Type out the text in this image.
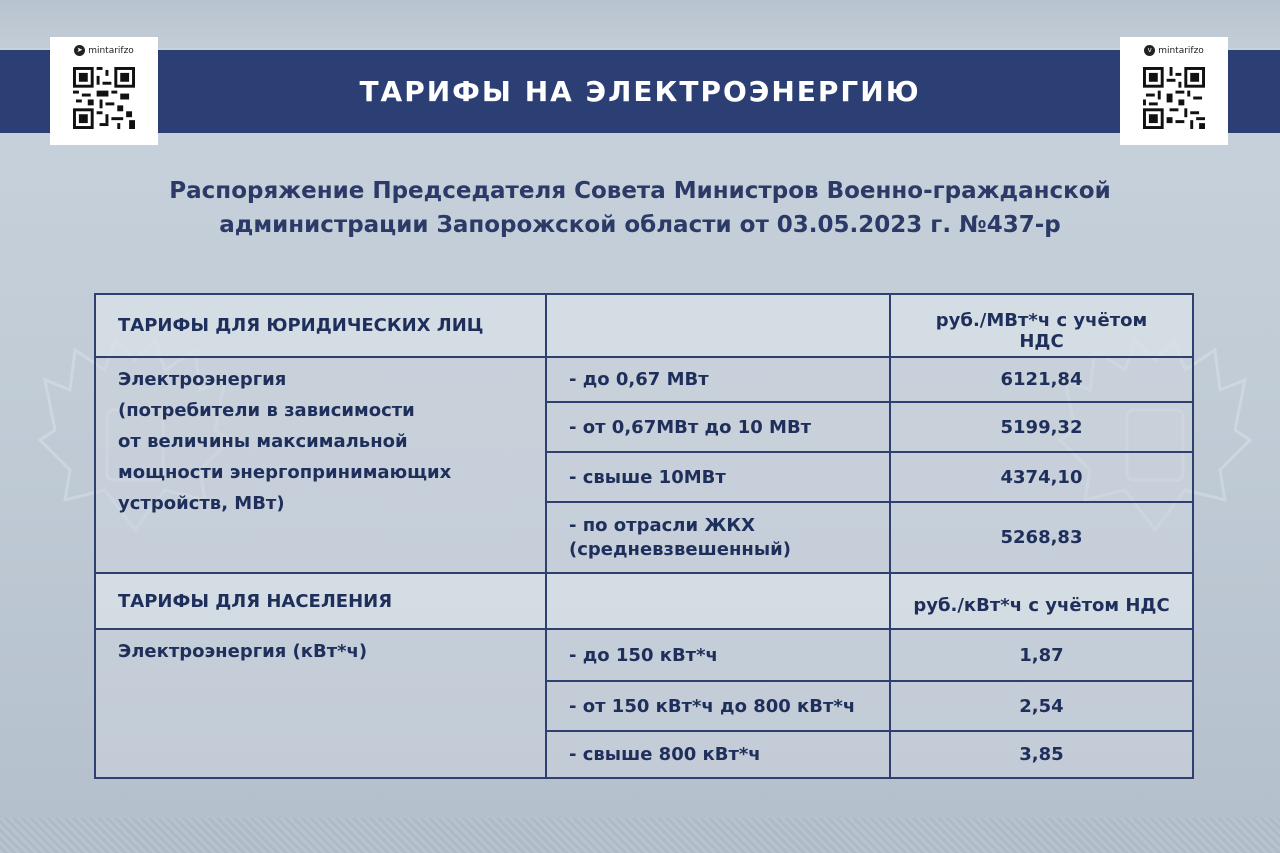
ТАРИФЫ НА ЭЛЕКТРОЭНЕРГИЮ
➤ mintarifzo	v mintarifzo
Распоряжение Председателя Совета Министров Военно-гражданской
администрации Запорожской области от 03.05.2023 г. №437-р
ТАРИФЫ ДЛЯ ЮРИДИЧЕСКИХ ЛИЦ		руб./МВт*ч с учётом НДС

Электроэнергия
(потребители в зависимости
от величины максимальной
мощности энергопринимающих
устройств, МВт)	- до 0,67 МВт	6121,84
	- от 0,67МВт до 10 МВт	5199,32
	- свыше 10МВт	4374,10

	- по отрасли ЖКХ
(средневзвешенный)	5268,83
ТАРИФЫ ДЛЯ НАСЕЛЕНИЯ		руб./кВт*ч с учётом НДС
Электроэнергия (кВт*ч)	- до 150 кВт*ч	1,87
	- от 150 кВт*ч до 800 кВт*ч	2,54
	- свыше 800 кВт*ч	3,85
